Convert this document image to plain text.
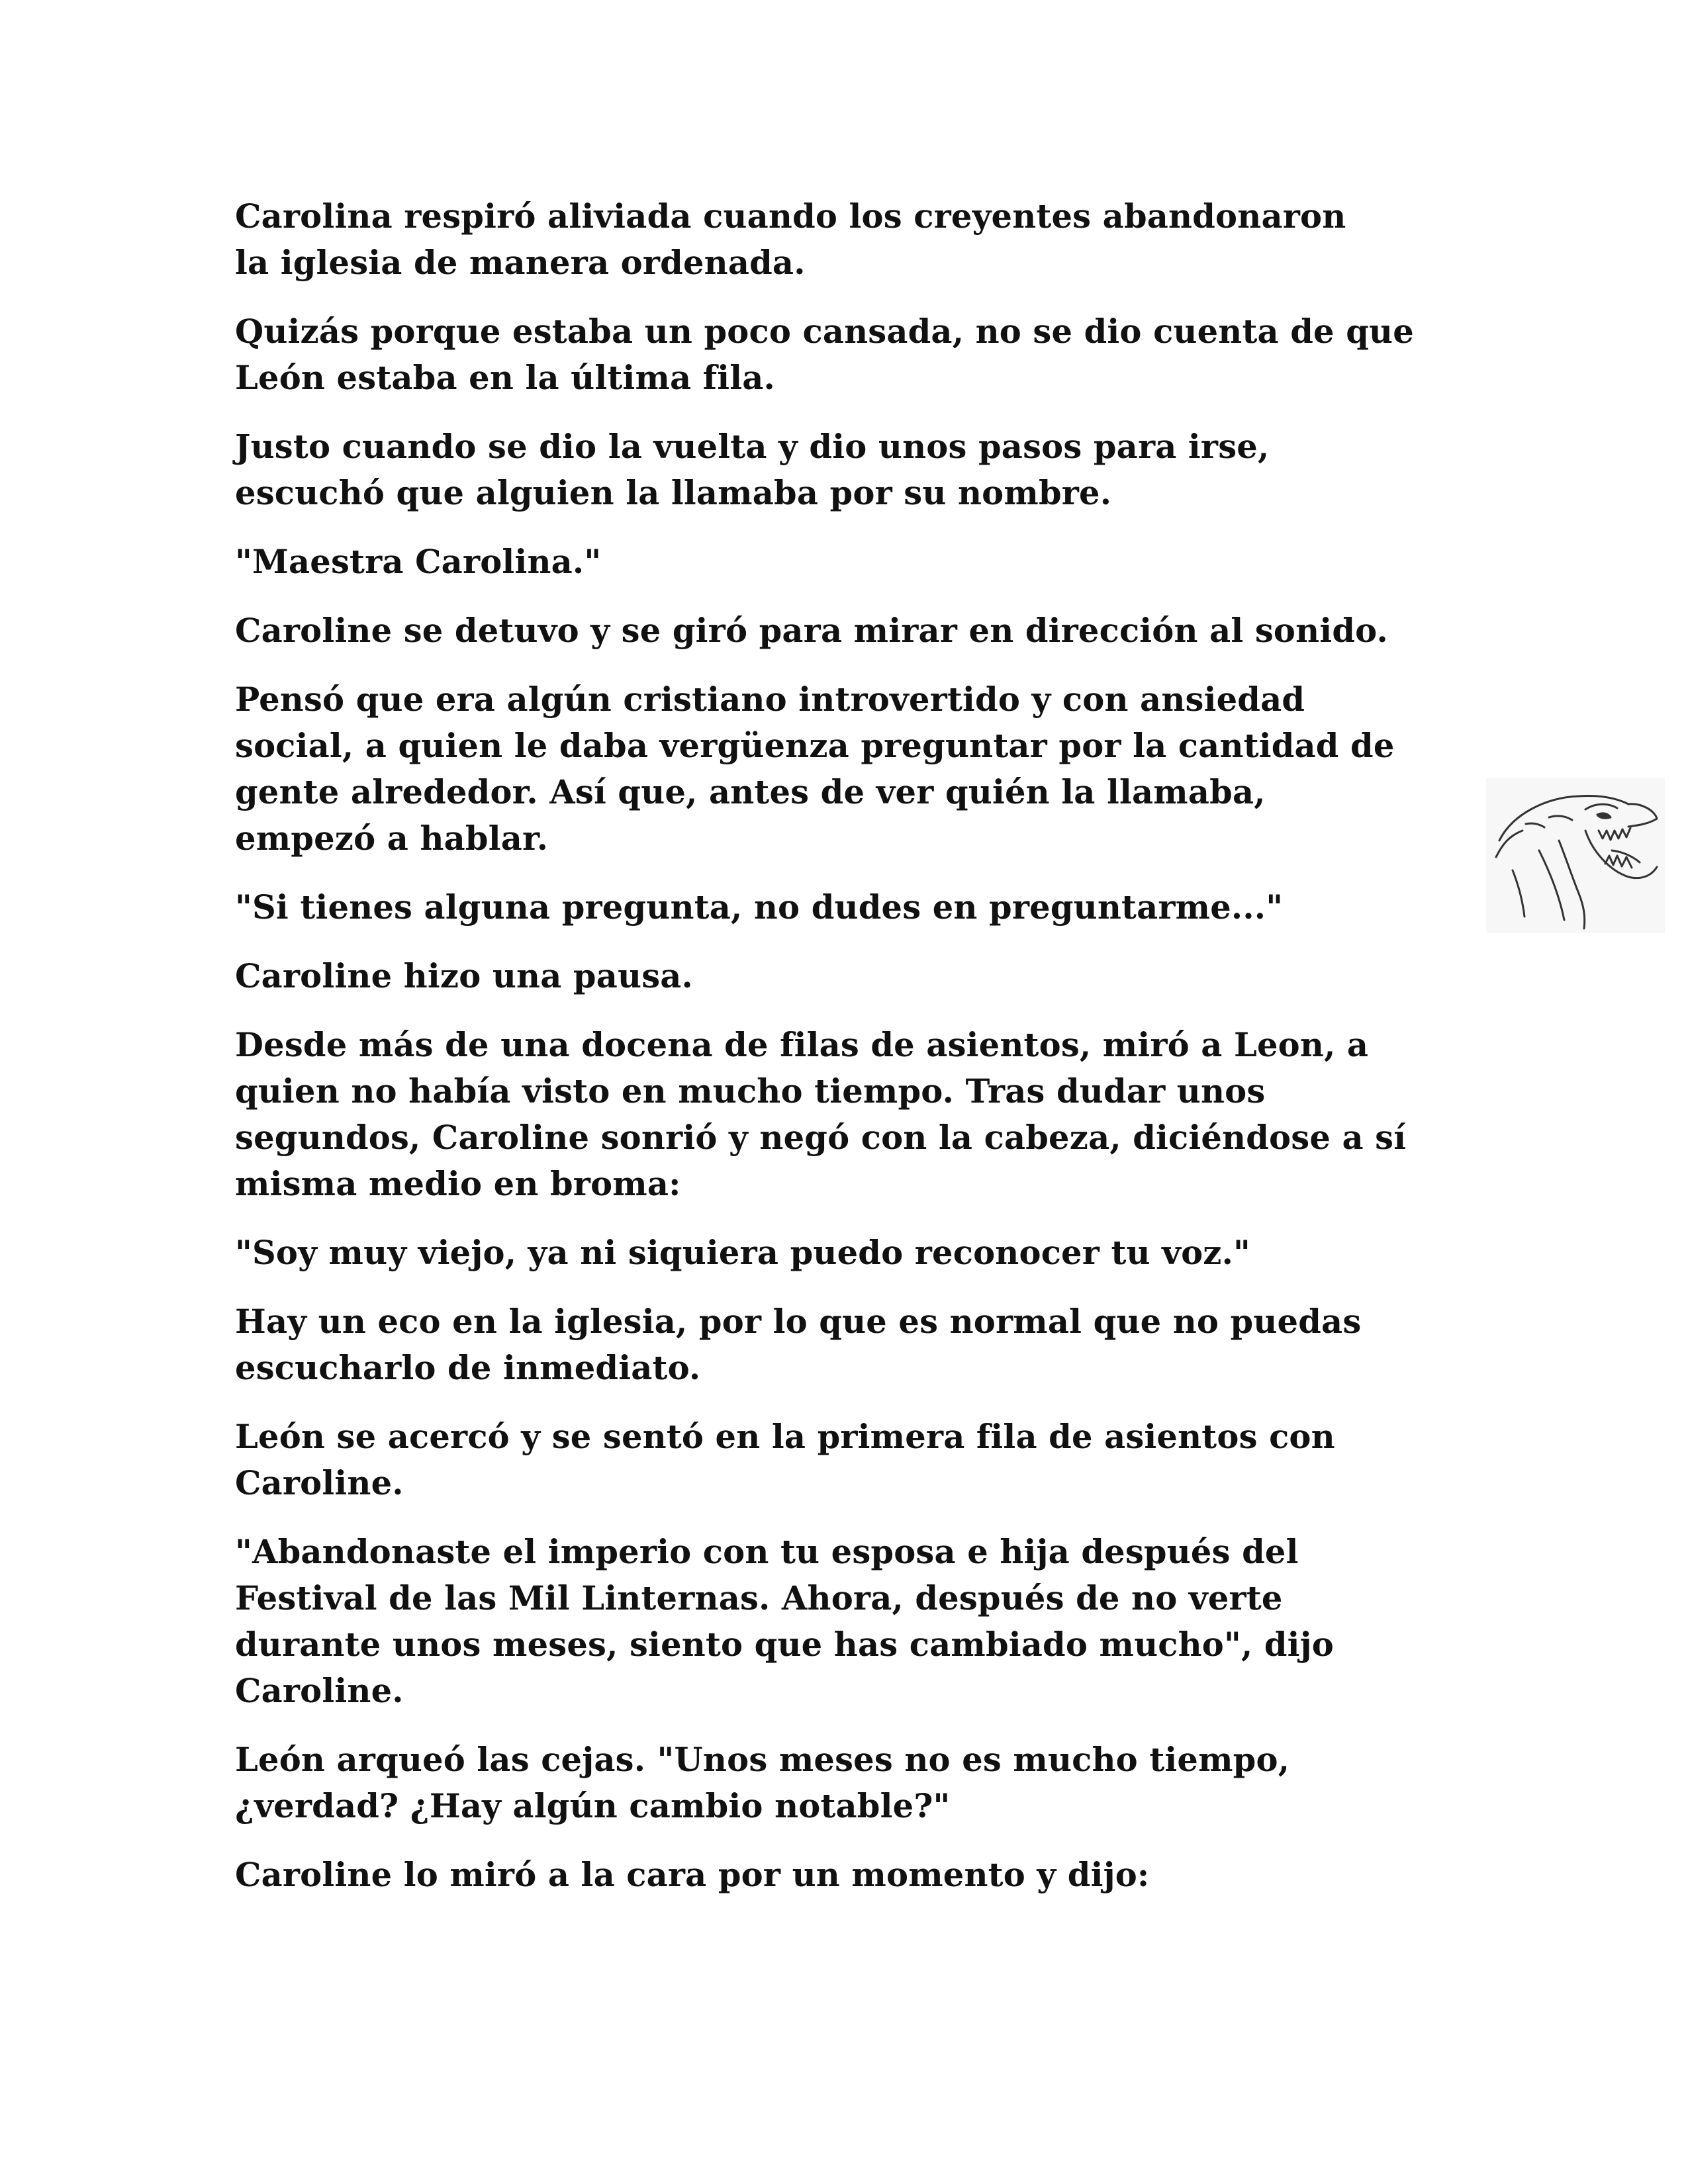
Carolina respiró aliviada cuando los creyentes abandonaron
la iglesia de manera ordenada.

Quizás porque estaba un poco cansada, no se dio cuenta de que
León estaba en la última fila.

Justo cuando se dio la vuelta y dio unos pasos para irse,
escuchó que alguien la llamaba por su nombre.

"Maestra Carolina."

Caroline se detuvo y se giró para mirar en dirección al sonido.

Pensó que era algún cristiano introvertido y con ansiedad
social, a quien le daba vergüenza preguntar por la cantidad de
gente alrededor. Así que, antes de ver quién la llamaba,
empezó a hablar.

"Si tienes alguna pregunta, no dudes en preguntarme..."

Caroline hizo una pausa.

Desde más de una docena de filas de asientos, miró a Leon, a
quien no había visto en mucho tiempo. Tras dudar unos
segundos, Caroline sonrió y negó con la cabeza, diciéndose a sí
misma medio en broma:

"Soy muy viejo, ya ni siquiera puedo reconocer tu voz."

Hay un eco en la iglesia, por lo que es normal que no puedas
escucharlo de inmediato.

León se acercó y se sentó en la primera fila de asientos con
Caroline.

"Abandonaste el imperio con tu esposa e hija después del
Festival de las Mil Linternas. Ahora, después de no verte
durante unos meses, siento que has cambiado mucho", dijo
Caroline.

León arqueó las cejas. "Unos meses no es mucho tiempo,
¿verdad? ¿Hay algún cambio notable?"

Caroline lo miró a la cara por un momento y dijo:
